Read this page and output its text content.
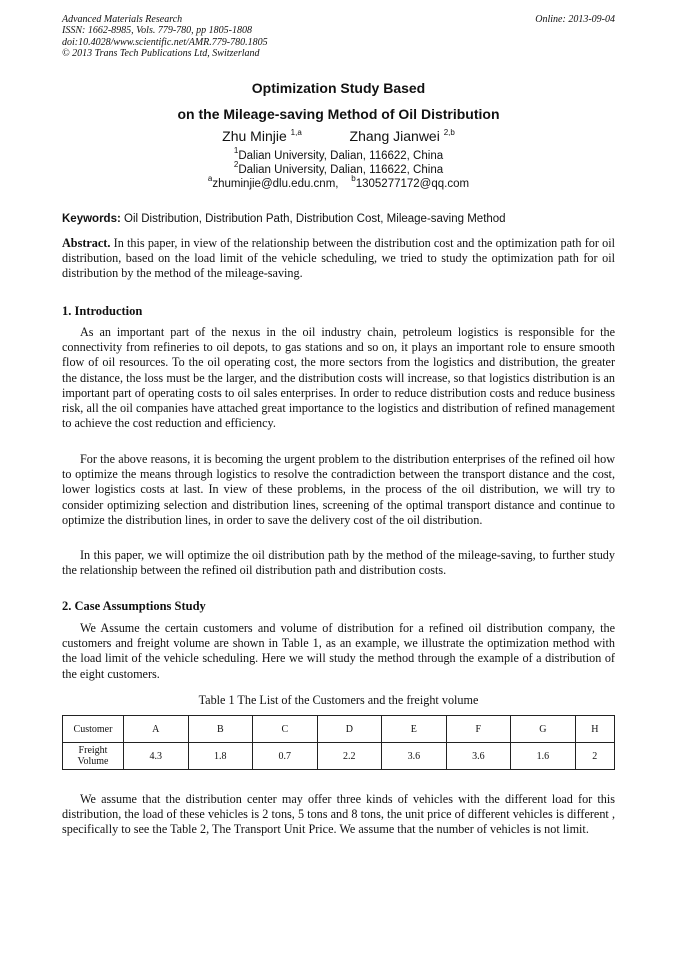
Advanced Materials Research
ISSN: 1662-8985, Vols. 779-780, pp 1805-1808
doi:10.4028/www.scientific.net/AMR.779-780.1805
© 2013 Trans Tech Publications Ltd, Switzerland
Online: 2013-09-04
Optimization Study Based
on the Mileage-saving Method of Oil Distribution
Zhu Minjie $^{1,a}$	Zhang Jianwei $^{2,b}$
$^1$Dalian University, Dalian, 116622, China
$^2$Dalian University, Dalian, 116622, China
$^a$zhuminjie@dlu.edu.cnm, $^b$1305277172@qq.com
Keywords: Oil Distribution, Distribution Path, Distribution Cost, Mileage-saving Method
Abstract. In this paper, in view of the relationship between the distribution cost and the optimization path for oil distribution, based on the load limit of the vehicle scheduling, we tried to study the optimization path for oil distribution by the method of the mileage-saving.
1. Introduction
As an important part of the nexus in the oil industry chain, petroleum logistics is responsible for the connectivity from refineries to oil depots, to gas stations and so on, it plays an important role to ensure smooth flow of oil resources. To the oil operating cost, the more sectors from the logistics and distribution, the greater the distance, the loss must be the larger, and the distribution costs will increase, so that logistics distribution is an important part of operating costs to oil sales enterprises. In order to reduce distribution costs and reduce business risk, all the oil companies have attached great importance to the logistics and distribution of refined management to achieve the cost reduction and efficiency.
For the above reasons, it is becoming the urgent problem to the distribution enterprises of the refined oil how to optimize the means through logistics to resolve the contradiction between the transport distance and the cost, lower logistics costs at last. In view of these problems, in the process of the oil distribution, we will try to consider optimizing selection and distribution lines, screening of the optimal transport distance and continue to optimize the distribution lines, in order to save the delivery cost of the oil distribution.
In this paper, we will optimize the oil distribution path by the method of the mileage-saving, to further study the relationship between the refined oil distribution path and distribution costs.
2. Case Assumptions Study
We Assume the certain customers and volume of distribution for a refined oil distribution company, the customers and freight volume are shown in Table 1, as an example, we illustrate the optimization method with the load limit of the vehicle scheduling. Here we will study the method through the example of a distribution of the eight customers.
Table 1 The List of the Customers and the freight volume
Customer	A	B	C	D	E	F	G	H
Freight
Volume	4.3	1.8	0.7	2.2	3.6	3.6	1.6	2
We assume that the distribution center may offer three kinds of vehicles with the different load for this distribution, the load of these vehicles is 2 tons, 5 tons and 8 tons, the unit price of different vehicles is different , specifically to see the Table 2, The Transport Unit Price. We assume that the number of vehicles is not limit.
